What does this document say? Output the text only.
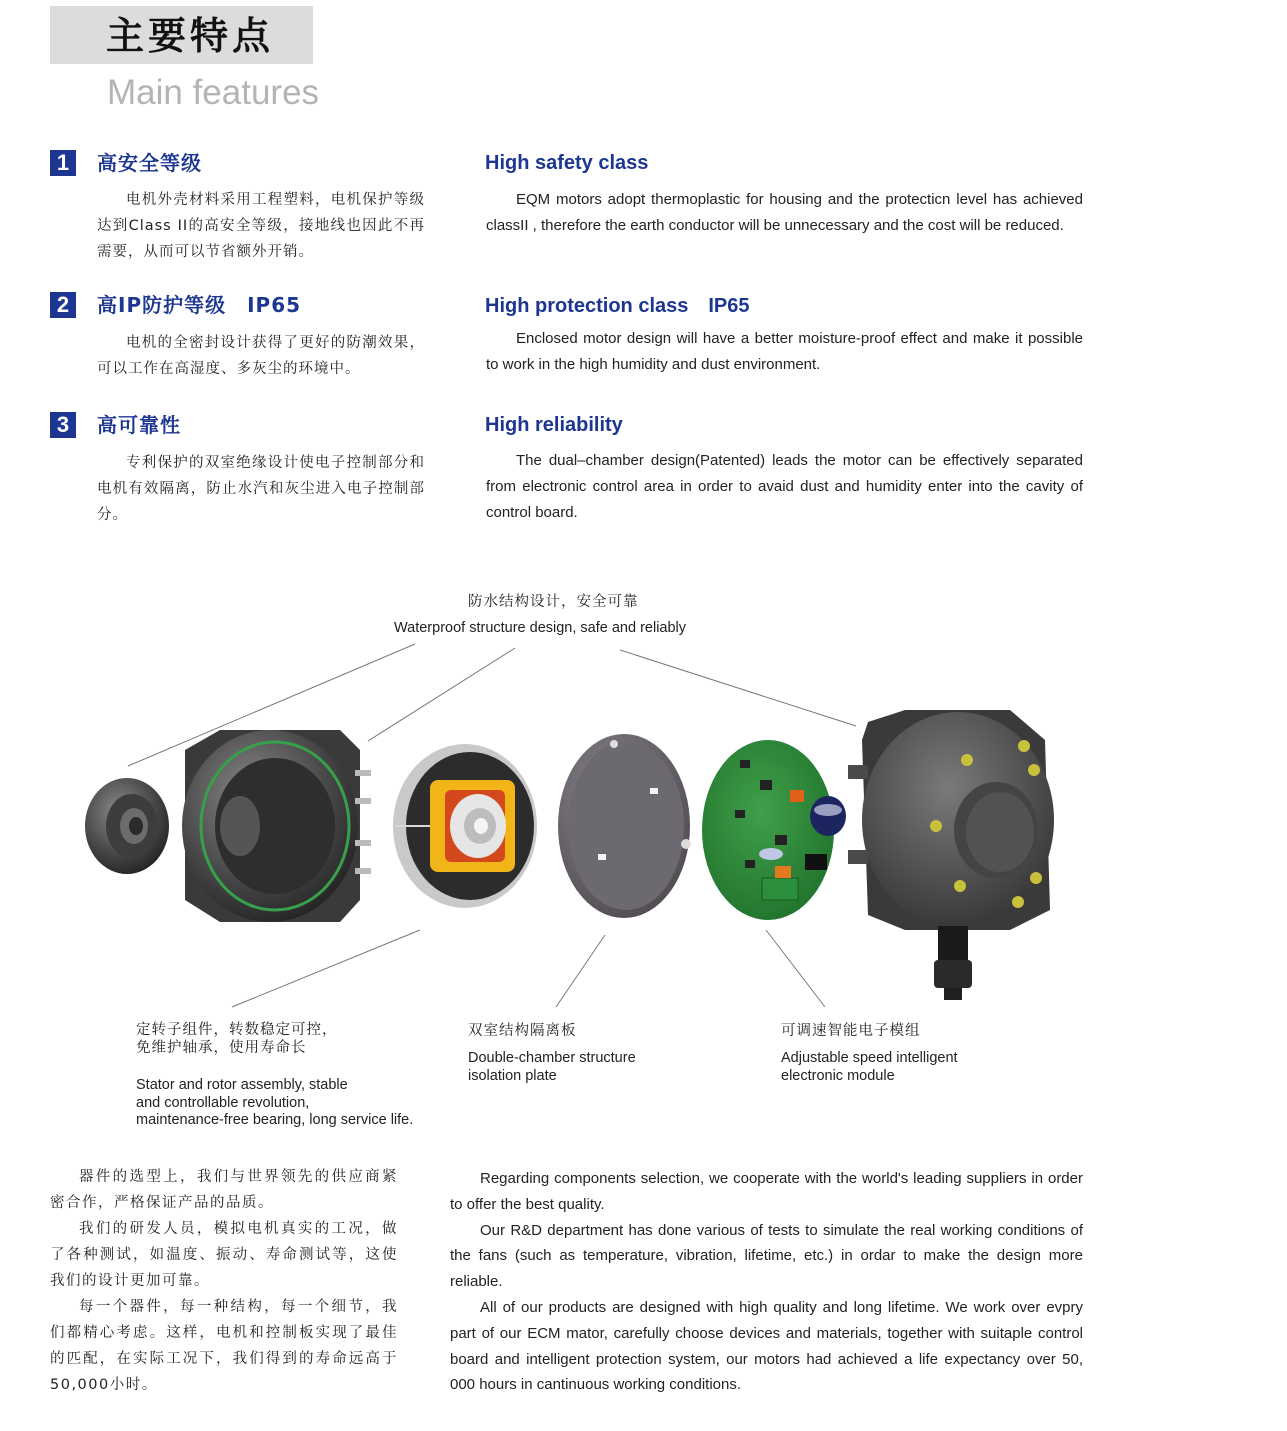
主要特点
Main features
1	高安全等级
电机外壳材料采用工程塑料，电机保护等级达到Class II的高安全等级，接地线也因此不再需要，从而可以节省额外开销。
High safety class
EQM motors adopt thermoplastic for housing and the protecticn level has achieved classII , therefore the earth conductor will be unnecessary and the cost will be reduced.
2	高IP防护等级　IP65
电机的全密封设计获得了更好的防潮效果，可以工作在高湿度、多灰尘的环境中。
High protection class　IP65
Enclosed motor design will have a better moisture-proof effect and make it possible to work in the high humidity and dust environment.
3	高可靠性
专利保护的双室绝缘设计使电子控制部分和电机有效隔离，防止水汽和灰尘进入电子控制部分。
High reliability
The dual–chamber design(Patented) leads the motor can be effectively separated from electronic control area in order to avaid dust and humidity enter into the cavity of control board.
防水结构设计，安全可靠
Waterproof structure design, safe and reliably
定转子组件，转数稳定可控，
免维护轴承，使用寿命长
Stator and rotor assembly, stable
and controllable revolution,
maintenance-free bearing, long service life.
双室结构隔离板
Double-chamber structure
isolation plate
可调速智能电子模组
Adjustable speed intelligent
electronic module

器件的选型上，我们与世界领先的供应商紧密合作，严格保证产品的品质。

我们的研发人员，模拟电机真实的工况，做了各种测试，如温度、振动、寿命测试等，这使我们的设计更加可靠。

每一个器件，每一种结构，每一个细节，我们都精心考虑。这样，电机和控制板实现了最佳的匹配，在实际工况下，我们得到的寿命远高于50,000小时。

Regarding components selection, we cooperate with the world's leading suppliers in order to offer the best quality.

Our R&D department has done various of tests to simulate the real working conditions of the fans (such as temperature, vibration, lifetime, etc.) in ordar to make the design more reliable.

All of our products are designed with high quality and long lifetime. We work over evpry part of our ECM mator, carefully choose devices and materials, together with suitaple control board and intelligent protection system, our motors had achieved a life expectancy over 50, 000 hours in cantinuous working conditions.
